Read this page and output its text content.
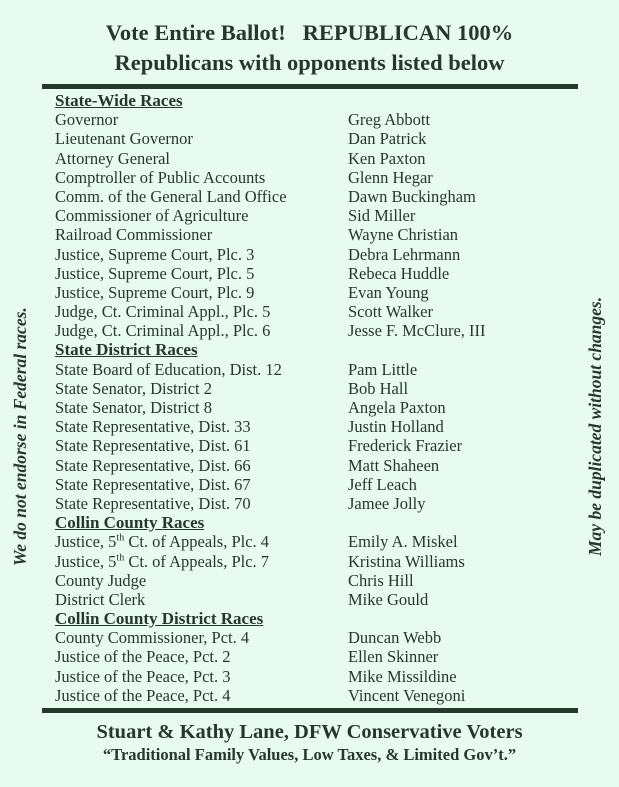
We do not endorse in Federal races.	May be duplicated without changes.
Vote Entire Ballot!   REPUBLICAN 100%
Republicans with opponents listed below
State-Wide Races
Governor	Greg Abbott
Lieutenant Governor	Dan Patrick
Attorney General	Ken Paxton
Comptroller of Public Accounts	Glenn Hegar
Comm. of the General Land Office	Dawn Buckingham
Commissioner of Agriculture	Sid Miller
Railroad Commissioner	Wayne Christian
Justice, Supreme Court, Plc. 3	Debra Lehrmann
Justice, Supreme Court, Plc. 5	Rebeca Huddle
Justice, Supreme Court, Plc. 9	Evan Young
Judge, Ct. Criminal Appl., Plc. 5	Scott Walker
Judge, Ct. Criminal Appl., Plc. 6	Jesse F. McClure, III
State District Races
State Board of Education, Dist. 12	Pam Little
State Senator, District 2	Bob Hall
State Senator, District 8	Angela Paxton
State Representative, Dist. 33	Justin Holland
State Representative, Dist. 61	Frederick Frazier
State Representative, Dist. 66	Matt Shaheen
State Representative, Dist. 67	Jeff Leach
State Representative, Dist. 70	Jamee Jolly
Collin County Races
Justice, 5th Ct. of Appeals, Plc. 4	Emily A. Miskel
Justice, 5th Ct. of Appeals, Plc. 7	Kristina Williams
County Judge	Chris Hill
District Clerk	Mike Gould
Collin County District Races
County Commissioner, Pct. 4	Duncan Webb
Justice of the Peace, Pct. 2	Ellen Skinner
Justice of the Peace, Pct. 3	Mike Missildine
Justice of the Peace, Pct. 4	Vincent Venegoni
Stuart & Kathy Lane, DFW Conservative Voters
“Traditional Family Values, Low Taxes, & Limited Gov’t.”
